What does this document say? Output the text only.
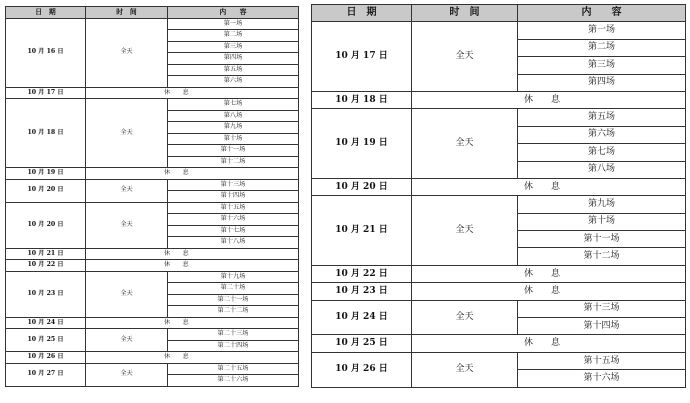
日　期	时　间	内　　容
10 月 16 日	全天	第一场
		第二场
		第三场
		第四场
		第五场
		第六场
10 月 17 日	休　　息	
10 月 18 日	全天	第七场
		第八场
		第九场
		第十场
		第十一场
		第十二场
10 月 19 日	休　　息	
10 月 20 日	全天	第十三场
		第十四场
10 月 20 日	全天	第十五场
		第十六场
		第十七场
		第十八场
10 月 21 日	休　　息	
10 月 22 日	休　　息	
10 月 23 日	全天	第十九场
		第二十场
		第二十一场
		第二十二场
10 月 24 日	休　　息	
10 月 25 日	全天	第二十三场
		第二十四场
10 月 26 日	休　　息	
10 月 27 日	全天	第二十五场
		第二十六场
日　期	时　间	内　　容
10 月 17 日	全天	第一场
		第二场
		第三场
		第四场
10 月 18 日	休　　息	
10 月 19 日	全天	第五场
		第六场
		第七场
		第八场
10 月 20 日	休　　息	
10 月 21 日	全天	第九场
		第十场
		第十一场
		第十二场
10 月 22 日	休　　息	
10 月 23 日	休　　息	
10 月 24 日	全天	第十三场
		第十四场
10 月 25 日	休　　息	
10 月 26 日	全天	第十五场
		第十六场
